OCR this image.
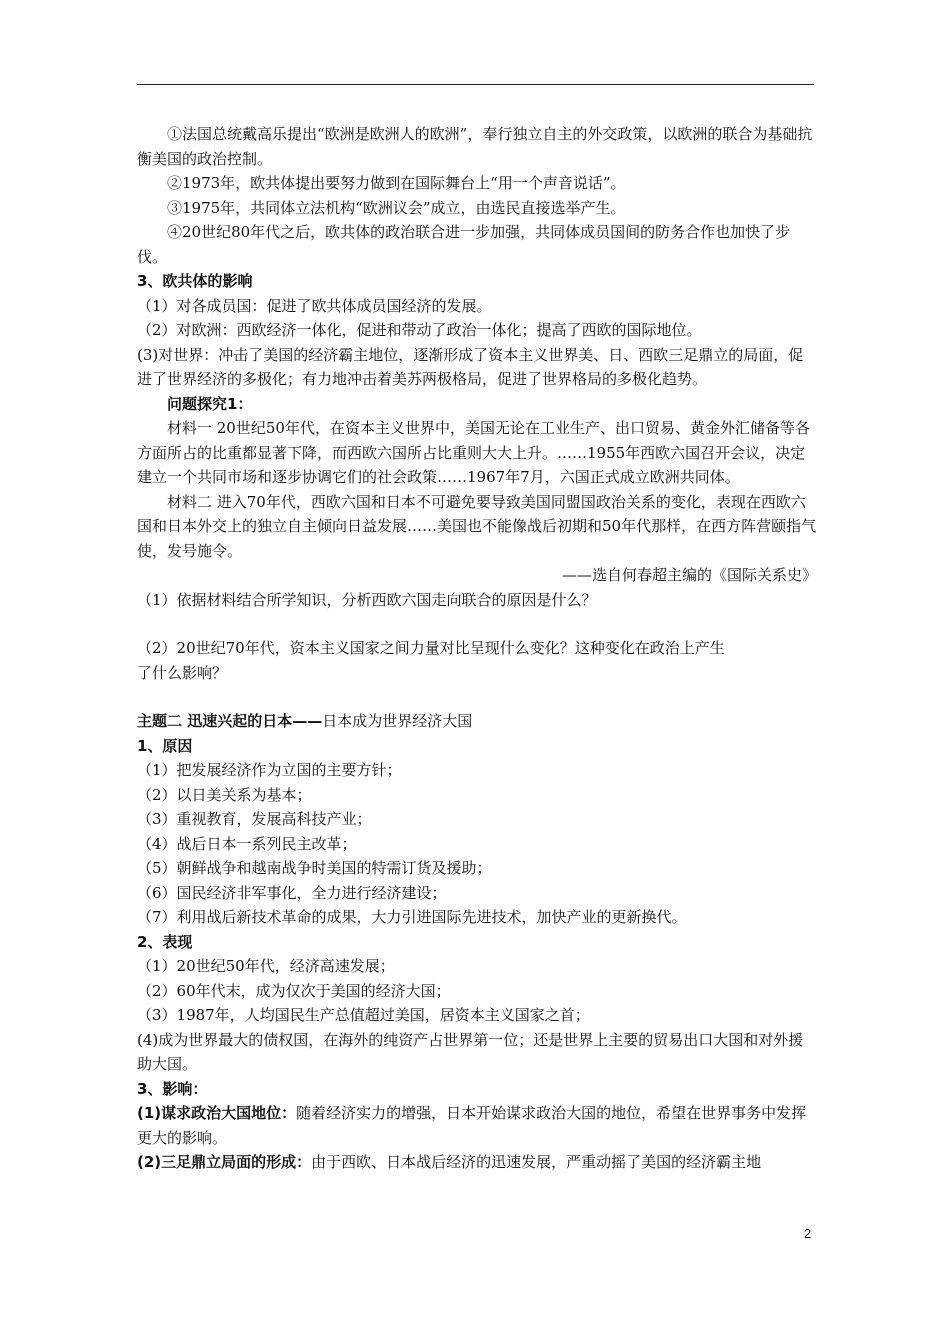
①法国总统戴高乐提出“欧洲是欧洲人的欧洲”，奉行独立自主的外交政策，以欧洲的联合为基础抗衡美国的政治控制。

②1973年，欧共体提出要努力做到在国际舞台上“用一个声音说话”。

③1975年，共同体立法机构“欧洲议会”成立，由选民直接选举产生。

④20世纪80年代之后，欧共体的政治联合进一步加强，共同体成员国间的防务合作也加快了步伐。

3、欧共体的影响

（1）对各成员国：促进了欧共体成员国经济的发展。

（2）对欧洲：西欧经济一体化，促进和带动了政治一体化；提高了西欧的国际地位。

(3)对世界：冲击了美国的经济霸主地位，逐渐形成了资本主义世界美、日、西欧三足鼎立的局面，促进了世界经济的多极化；有力地冲击着美苏两极格局，促进了世界格局的多极化趋势。

问题探究1：

材料一 20世纪50年代，在资本主义世界中，美国无论在工业生产、出口贸易、黄金外汇储备等各方面所占的比重都显著下降，而西欧六国所占比重则大大上升。……1955年西欧六国召开会议，决定建立一个共同市场和逐步协调它们的社会政策……1967年7月，六国正式成立欧洲共同体。

材料二 进入70年代，西欧六国和日本不可避免要导致美国同盟国政治关系的变化，表现在西欧六国和日本外交上的独立自主倾向日益发展……美国也不能像战后初期和50年代那样，在西方阵营颐指气使，发号施令。

——选自何春超主编的《国际关系史》

（1）依据材料结合所学知识，分析西欧六国走向联合的原因是什么？

（2）20世纪70年代，资本主义国家之间力量对比呈现什么变化？这种变化在政治上产生

了什么影响？

主题二 迅速兴起的日本——日本成为世界经济大国

1、原因

（1）把发展经济作为立国的主要方针；

（2）以日美关系为基本；

（3）重视教育，发展高科技产业；

（4）战后日本一系列民主改革；

（5）朝鲜战争和越南战争时美国的特需订货及援助；

（6）国民经济非军事化，全力进行经济建设；

（7）利用战后新技术革命的成果，大力引进国际先进技术，加快产业的更新换代。

2、表现

（1）20世纪50年代，经济高速发展；

（2）60年代末，成为仅次于美国的经济大国；

（3）1987年，人均国民生产总值超过美国，居资本主义国家之首；

(4)成为世界最大的债权国，在海外的纯资产占世界第一位；还是世界上主要的贸易出口大国和对外援助大国。

3、影响：

(1)谋求政治大国地位：随着经济实力的增强，日本开始谋求政治大国的地位，希望在世界事务中发挥更大的影响。

(2)三足鼎立局面的形成：由于西欧、日本战后经济的迅速发展，严重动摇了美国的经济霸主地

2
